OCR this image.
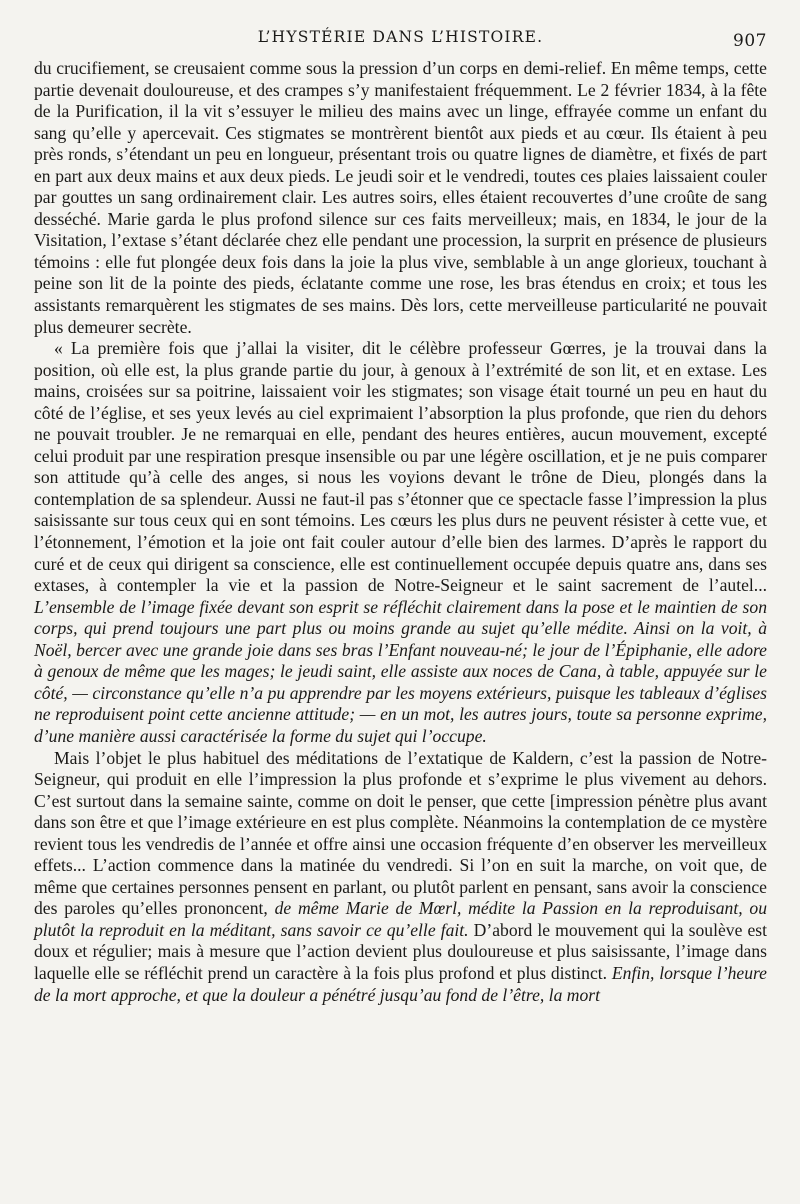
L’HYSTÉRIE DANS L’HISTOIRE.	907

du crucifiement, se creusaient comme sous la pression d’un corps en demi-relief. En même temps, cette partie devenait douloureuse, et des crampes s’y manifestaient fréquemment. Le 2 février 1834, à la fête de la Purification, il la vit s’essuyer le milieu des mains avec un linge, effrayée comme un enfant du sang qu’elle y apercevait. Ces stigmates se montrèrent bientôt aux pieds et au cœur. Ils étaient à peu près ronds, s’étendant un peu en longueur, présentant trois ou quatre lignes de diamètre, et fixés de part en part aux deux mains et aux deux pieds. Le jeudi soir et le vendredi, toutes ces plaies laissaient couler par gouttes un sang ordinairement clair. Les autres soirs, elles étaient recouvertes d’une croûte de sang desséché. Marie garda le plus profond silence sur ces faits merveilleux; mais, en 1834, le jour de la Visitation, l’extase s’étant déclarée chez elle pendant une procession, la surprit en présence de plusieurs témoins : elle fut plongée deux fois dans la joie la plus vive, semblable à un ange glorieux, touchant à peine son lit de la pointe des pieds, éclatante comme une rose, les bras étendus en croix; et tous les assistants remarquèrent les stigmates de ses mains. Dès lors, cette merveilleuse particularité ne pouvait plus demeurer secrète.

« La première fois que j’allai la visiter, dit le célèbre professeur Gœrres, je la trouvai dans la position, où elle est, la plus grande partie du jour, à genoux à l’extrémité de son lit, et en extase. Les mains, croisées sur sa poitrine, laissaient voir les stigmates; son visage était tourné un peu en haut du côté de l’église, et ses yeux levés au ciel exprimaient l’absorption la plus profonde, que rien du dehors ne pouvait troubler. Je ne remarquai en elle, pendant des heures entières, aucun mouvement, excepté celui produit par une respiration presque insensible ou par une légère oscillation, et je ne puis comparer son attitude qu’à celle des anges, si nous les voyions devant le trône de Dieu, plongés dans la contemplation de sa splendeur. Aussi ne faut-il pas s’étonner que ce spectacle fasse l’impression la plus saisissante sur tous ceux qui en sont témoins. Les cœurs les plus durs ne peuvent résister à cette vue, et l’étonnement, l’émotion et la joie ont fait couler autour d’elle bien des larmes. D’après le rapport du curé et de ceux qui dirigent sa conscience, elle est continuellement occupée depuis quatre ans, dans ses extases, à contempler la vie et la passion de Notre-Seigneur et le saint sacrement de l’autel... L’ensemble de l’image fixée devant son esprit se réfléchit clairement dans la pose et le maintien de son corps, qui prend toujours une part plus ou moins grande au sujet qu’elle médite. Ainsi on la voit, à Noël, bercer avec une grande joie dans ses bras l’Enfant nouveau-né; le jour de l’Épiphanie, elle adore à genoux de même que les mages; le jeudi saint, elle assiste aux noces de Cana, à table, appuyée sur le côté, — circonstance qu’elle n’a pu apprendre par les moyens extérieurs, puisque les tableaux d’églises ne reproduisent point cette ancienne attitude; — en un mot, les autres jours, toute sa personne exprime, d’une manière aussi caractérisée la forme du sujet qui l’occupe.

Mais l’objet le plus habituel des méditations de l’extatique de Kaldern, c’est la passion de Notre-Seigneur, qui produit en elle l’impression la plus profonde et s’exprime le plus vivement au dehors. C’est surtout dans la semaine sainte, comme on doit le penser, que cette [impression pénètre plus avant dans son être et que l’image extérieure en est plus complète. Néanmoins la contemplation de ce mystère revient tous les vendredis de l’année et offre ainsi une occasion fréquente d’en observer les merveilleux effets... L’action commence dans la matinée du vendredi. Si l’on en suit la marche, on voit que, de même que certaines personnes pensent en parlant, ou plutôt parlent en pensant, sans avoir la conscience des paroles qu’elles prononcent, de même Marie de Mœrl, médite la Passion en la reproduisant, ou plutôt la reproduit en la méditant, sans savoir ce qu’elle fait. D’abord le mouvement qui la soulève est doux et régulier; mais à mesure que l’action devient plus douloureuse et plus saisissante, l’image dans laquelle elle se réfléchit prend un caractère à la fois plus profond et plus distinct. Enfin, lorsque l’heure de la mort approche, et que la douleur a pénétré jusqu’au fond de l’être, la mort
